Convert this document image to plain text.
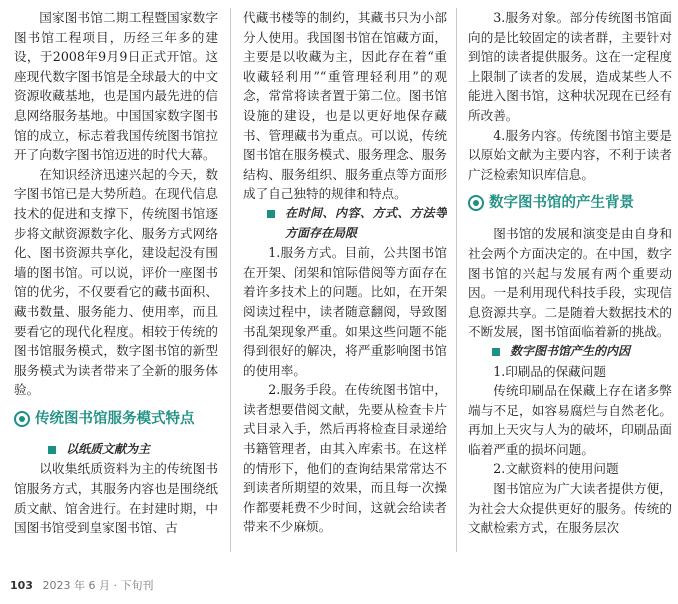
国家图书馆二期工程暨国家数字图书馆工程项目，历经三年多的建设，于2008年9月9日正式开馆。这座现代数字图书馆是全球最大的中文资源收藏基地，也是国内最先进的信息网络服务基地。中国国家数字图书馆的成立，标志着我国传统图书馆拉开了向数字图书馆迈进的时代大幕。

在知识经济迅速兴起的今天，数字图书馆已是大势所趋。在现代信息技术的促进和支撑下，传统图书馆逐步将文献资源数字化、服务方式网络化、图书资源共享化，建设起没有围墙的图书馆。可以说，评价一座图书馆的优劣，不仅要看它的藏书面积、藏书数量、服务能力、使用率，而且要看它的现代化程度。相较于传统的图书馆服务模式，数字图书馆的新型服务模式为读者带来了全新的服务体验。

传统图书馆服务模式特点
以纸质文献为主

以收集纸质资料为主的传统图书馆服务方式，其服务内容也是围绕纸质文献、馆舍进行。在封建时期，中国图书馆受到皇家图书馆、古

代藏书楼等的制约，其藏书只为小部分人使用。我国图书馆在馆藏方面，主要是以收藏为主，因此存在着“重收藏轻利用”“重管理轻利用”的观念，常常将读者置于第二位。图书馆设施的建设，也是以更好地保存藏书、管理藏书为重点。可以说，传统图书馆在服务模式、服务理念、服务结构、服务组织、服务重点等方面形成了自己独特的规律和特点。

在时间、内容、方式、方法等方面存在局限

1.服务方式。目前，公共图书馆在开架、闭架和馆际借阅等方面存在着许多技术上的问题。比如，在开架阅读过程中，读者随意翻阅，导致图书乱架现象严重。如果这些问题不能得到很好的解决，将严重影响图书馆的使用率。

2.服务手段。在传统图书馆中，读者想要借阅文献，先要从检查卡片式目录入手，然后再将检查目录递给书籍管理者，由其入库索书。在这样的情形下，他们的查询结果常常达不到读者所期望的效果，而且每一次操作都要耗费不少时间，这就会给读者带来不少麻烦。

3.服务对象。部分传统图书馆面向的是比较固定的读者群，主要针对到馆的读者提供服务。这在一定程度上限制了读者的发展，造成某些人不能进入图书馆，这种状况现在已经有所改善。

4.服务内容。传统图书馆主要是以原始文献为主要内容，不利于读者广泛检索知识库信息。

数字图书馆的产生背景

图书馆的发展和演变是由自身和社会两个方面决定的。在中国，数字图书馆的兴起与发展有两个重要动因。一是利用现代科技手段，实现信息资源共享。二是随着大数据技术的不断发展，图书馆面临着新的挑战。

数字图书馆产生的内因

1.印刷品的保藏问题

传统印刷品在保藏上存在诸多弊端与不足，如容易腐烂与自然老化。再加上天灾与人为的破坏，印刷品面临着严重的损坏问题。

2.文献资料的使用问题

图书馆应为广大读者提供方便，为社会大众提供更好的服务。传统的文献检索方式，在服务层次

103 2023 年 6 月 · 下旬刊
